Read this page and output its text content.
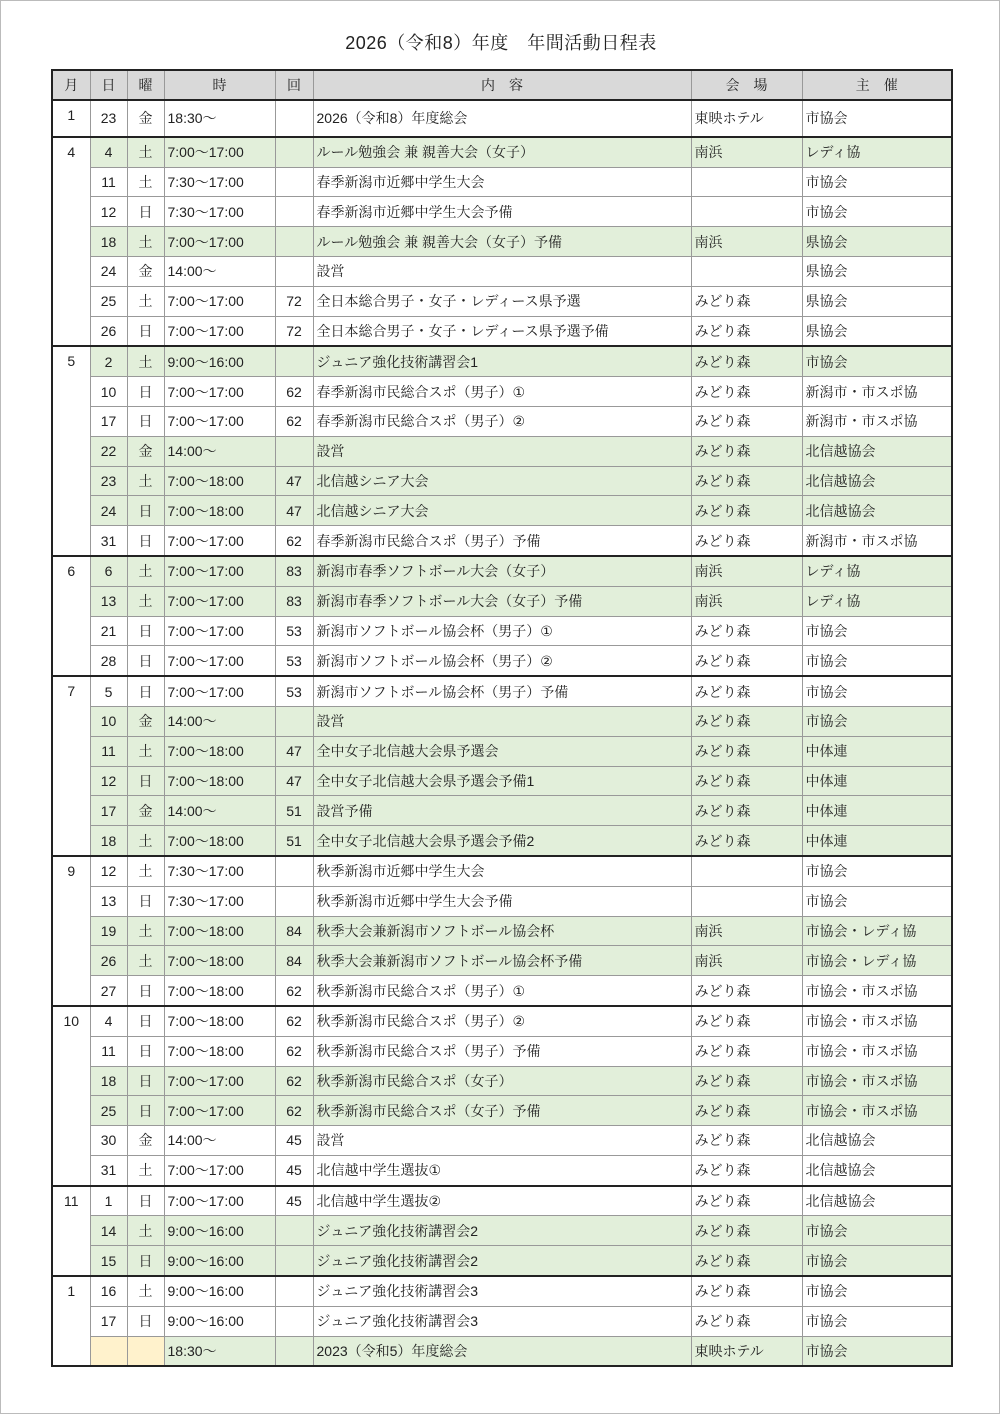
2026（令和8）年度　年間活動日程表
月	日	曜	時	回	内　容	会　場	主　催
1	23	金	18:30～		2026（令和8）年度総会	東映ホテル	市協会
4	4	土	7:00～17:00		ルール勉強会 兼 親善大会（女子）	南浜	レディ協
	11	土	7:30～17:00		春季新潟市近郷中学生大会		市協会
	12	日	7:30～17:00		春季新潟市近郷中学生大会予備		市協会
	18	土	7:00～17:00		ルール勉強会 兼 親善大会（女子）予備	南浜	県協会
	24	金	14:00～		設営		県協会
	25	土	7:00～17:00	72	全日本総合男子・女子・レディース県予選	みどり森	県協会
	26	日	7:00～17:00	72	全日本総合男子・女子・レディース県予選予備	みどり森	県協会
5	2	土	9:00～16:00		ジュニア強化技術講習会1	みどり森	市協会
	10	日	7:00～17:00	62	春季新潟市民総合スポ（男子）①	みどり森	新潟市・市スポ協
	17	日	7:00～17:00	62	春季新潟市民総合スポ（男子）②	みどり森	新潟市・市スポ協
	22	金	14:00～		設営	みどり森	北信越協会
	23	土	7:00～18:00	47	北信越シニア大会	みどり森	北信越協会
	24	日	7:00～18:00	47	北信越シニア大会	みどり森	北信越協会
	31	日	7:00～17:00	62	春季新潟市民総合スポ（男子）予備	みどり森	新潟市・市スポ協
6	6	土	7:00～17:00	83	新潟市春季ソフトボール大会（女子）	南浜	レディ協
	13	土	7:00～17:00	83	新潟市春季ソフトボール大会（女子）予備	南浜	レディ協
	21	日	7:00～17:00	53	新潟市ソフトボール協会杯（男子）①	みどり森	市協会
	28	日	7:00～17:00	53	新潟市ソフトボール協会杯（男子）②	みどり森	市協会
7	5	日	7:00～17:00	53	新潟市ソフトボール協会杯（男子）予備	みどり森	市協会
	10	金	14:00～		設営	みどり森	市協会
	11	土	7:00～18:00	47	全中女子北信越大会県予選会	みどり森	中体連
	12	日	7:00～18:00	47	全中女子北信越大会県予選会予備1	みどり森	中体連
	17	金	14:00～	51	設営予備	みどり森	中体連
	18	土	7:00～18:00	51	全中女子北信越大会県予選会予備2	みどり森	中体連
9	12	土	7:30～17:00		秋季新潟市近郷中学生大会		市協会
	13	日	7:30～17:00		秋季新潟市近郷中学生大会予備		市協会
	19	土	7:00～18:00	84	秋季大会兼新潟市ソフトボール協会杯	南浜	市協会・レディ協
	26	土	7:00～18:00	84	秋季大会兼新潟市ソフトボール協会杯予備	南浜	市協会・レディ協
	27	日	7:00～18:00	62	秋季新潟市民総合スポ（男子）①	みどり森	市協会・市スポ協
10	4	日	7:00～18:00	62	秋季新潟市民総合スポ（男子）②	みどり森	市協会・市スポ協
	11	日	7:00～18:00	62	秋季新潟市民総合スポ（男子）予備	みどり森	市協会・市スポ協
	18	日	7:00～17:00	62	秋季新潟市民総合スポ（女子）	みどり森	市協会・市スポ協
	25	日	7:00～17:00	62	秋季新潟市民総合スポ（女子）予備	みどり森	市協会・市スポ協
	30	金	14:00～	45	設営	みどり森	北信越協会
	31	土	7:00～17:00	45	北信越中学生選抜①	みどり森	北信越協会
11	1	日	7:00～17:00	45	北信越中学生選抜②	みどり森	北信越協会
	14	土	9:00～16:00		ジュニア強化技術講習会2	みどり森	市協会
	15	日	9:00～16:00		ジュニア強化技術講習会2	みどり森	市協会
1	16	土	9:00～16:00		ジュニア強化技術講習会3	みどり森	市協会
	17	日	9:00～16:00		ジュニア強化技術講習会3	みどり森	市協会
			18:30～		2023（令和5）年度総会	東映ホテル	市協会
